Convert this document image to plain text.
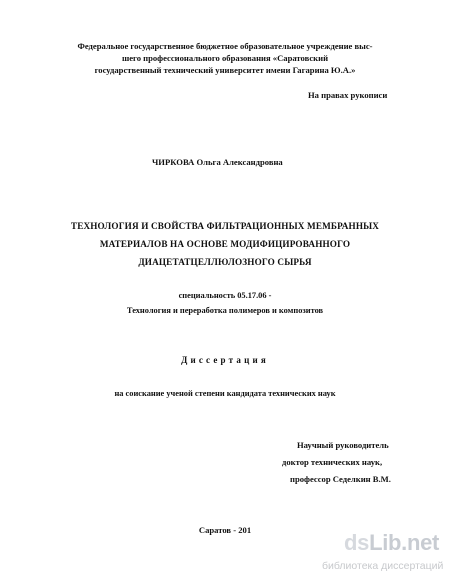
Федеральное государственное бюджетное образовательное учреждение выс-
шего профессионального образования «Саратовский
государственный технический университет имени Гагарина Ю.А.»
На правах рукописи
ЧИРКОВА Ольга Александровна
ТЕХНОЛОГИЯ И СВОЙСТВА ФИЛЬТРАЦИОННЫХ МЕМБРАННЫХ
МАТЕРИАЛОВ НА ОСНОВЕ МОДИФИЦИРОВАННОГО
ДИАЦЕТАТЦЕЛЛЮЛОЗНОГО СЫРЬЯ
специальность 05.17.06 -
Технология и переработка полимеров и композитов
Диссертация
на соискание ученой степени кандидата технических наук
Научный руководитель
доктор технических наук,
профессор Седелкин В.М.
Саратов - 201	dsLib.net
библиотека диссертаций
